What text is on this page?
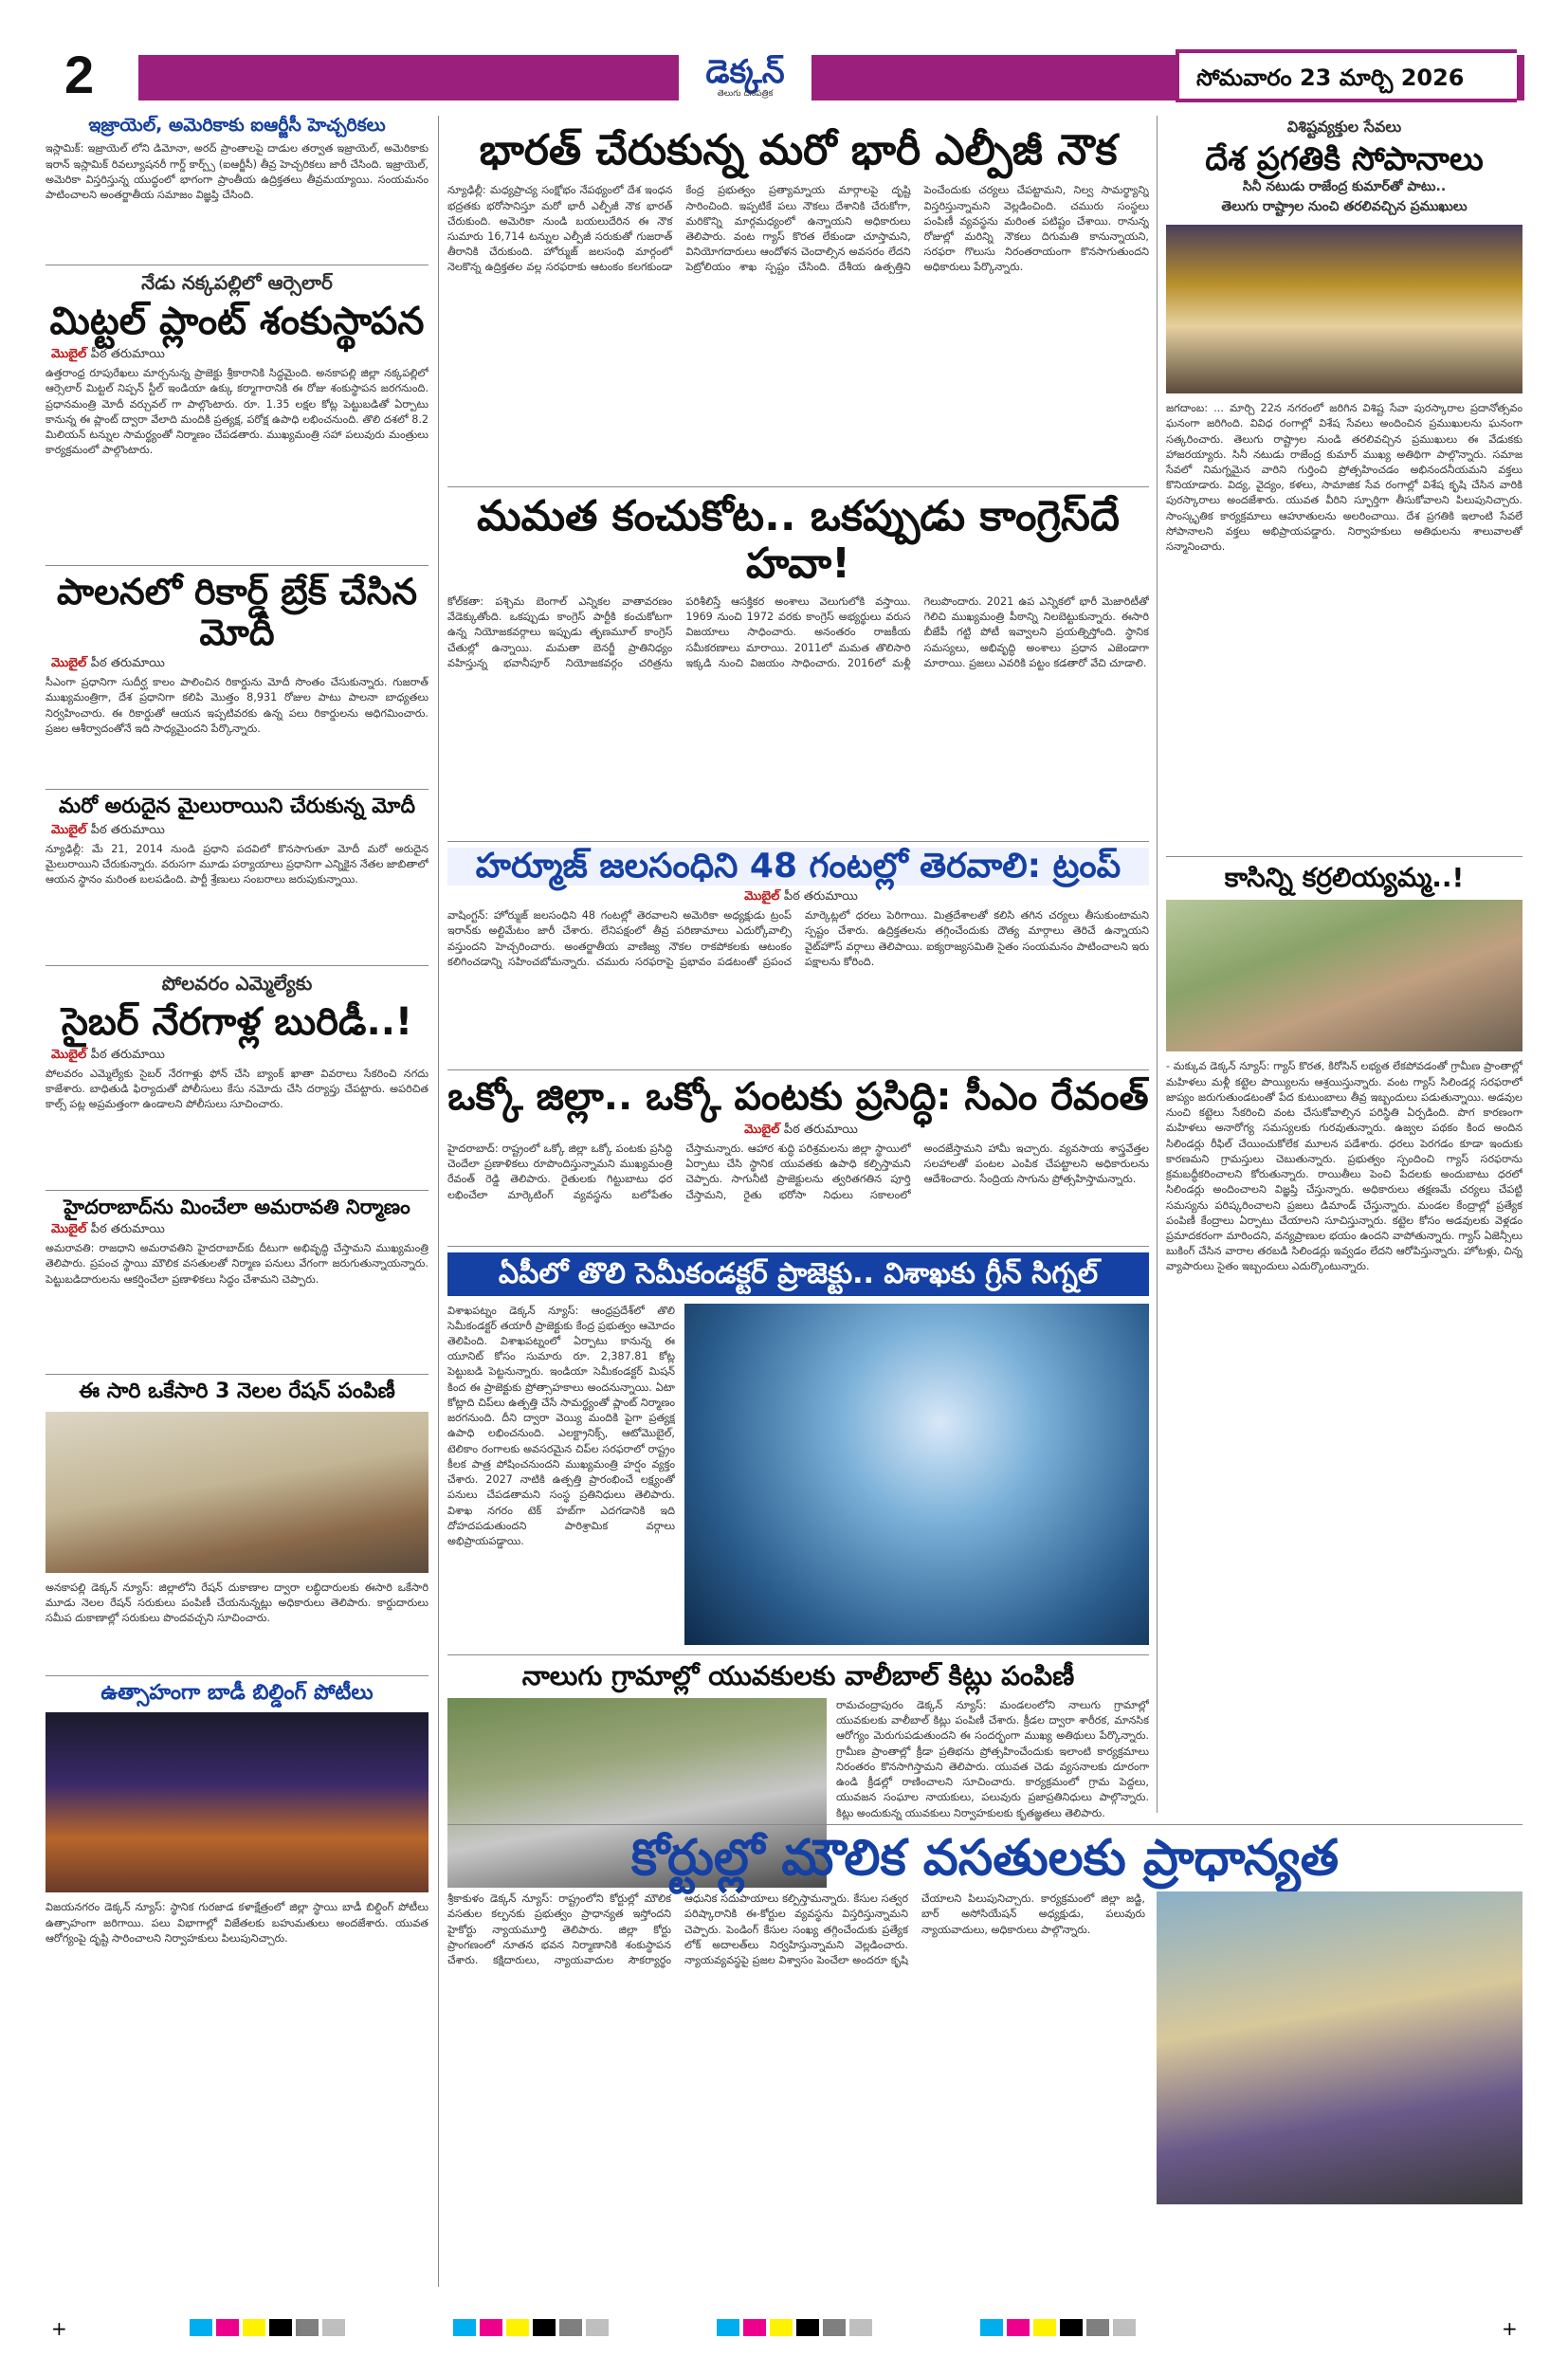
2	డెక్కన్
తెలుగు దినపత్రిక
సోమవారం 23 మార్చి 2026
ఇజ్రాయెల్, అమెరికాకు ఐఆర్జీసీ హెచ్చరికలు
ఇస్లామిక్: ఇజ్రాయెల్ లోని డిమోనా, అరద్ ప్రాంతాలపై దాడుల తర్వాత ఇజ్రాయెల్, అమెరికాకు ఇరాన్ ఇస్లామిక్ రివల్యూషనరీ గార్డ్ కార్ప్స్ (ఐఆర్జీసీ) తీవ్ర హెచ్చరికలు జారీ చేసింది. ఇజ్రాయెల్, అమెరికా విస్తరిస్తున్న యుద్ధంలో భాగంగా ప్రాంతీయ ఉద్రిక్తతలు తీవ్రమయ్యాయి. సంయమనం పాటించాలని అంతర్జాతీయ సమాజం విజ్ఞప్తి చేసింది.
నేడు నక్కపల్లిలో ఆర్సెలార్
మిట్టల్ ప్లాంట్ శంకుస్థాపన
మొబైల్ పీఠ తరుమాయి
ఉత్తరాంధ్ర రూపురేఖలు మార్చనున్న ప్రాజెక్టు శ్రీకారానికి సిద్ధమైంది. అనకాపల్లి జిల్లా నక్కపల్లిలో ఆర్సెలార్ మిట్టల్ నిప్పన్ స్టీల్ ఇండియా ఉక్కు కర్మాగారానికి ఈ రోజు శంకుస్థాపన జరగనుంది. ప్రధానమంత్రి మోదీ వర్చువల్ గా పాల్గొంటారు. రూ. 1.35 లక్షల కోట్ల పెట్టుబడితో ఏర్పాటు కానున్న ఈ ప్లాంట్ ద్వారా వేలాది మందికి ప్రత్యక్ష, పరోక్ష ఉపాధి లభించనుంది. తొలి దశలో 8.2 మిలియన్ టన్నుల సామర్థ్యంతో నిర్మాణం చేపడతారు. ముఖ్యమంత్రి సహా పలువురు మంత్రులు కార్యక్రమంలో పాల్గొంటారు.
పాలనలో రికార్డ్ బ్రేక్ చేసిన మోదీ
మొబైల్ పీఠ తరుమాయి
సీఎంగా ప్రధానిగా సుదీర్ఘ కాలం పాలించిన రికార్డును మోదీ సొంతం చేసుకున్నారు. గుజరాత్ ముఖ్యమంత్రిగా, దేశ ప్రధానిగా కలిపి మొత్తం 8,931 రోజుల పాటు పాలనా బాధ్యతలు నిర్వహించారు. ఈ రికార్డుతో ఆయన ఇప్పటివరకు ఉన్న పలు రికార్డులను అధిగమించారు. ప్రజల ఆశీర్వాదంతోనే ఇది సాధ్యమైందని పేర్కొన్నారు.
మరో అరుదైన మైలురాయిని చేరుకున్న మోదీ
మొబైల్ పీఠ తరుమాయి
న్యూఢిల్లీ: మే 21, 2014 నుండి ప్రధాని పదవిలో కొనసాగుతూ మోదీ మరో అరుదైన మైలురాయిని చేరుకున్నారు. వరుసగా మూడు పర్యాయాలు ప్రధానిగా ఎన్నికైన నేతల జాబితాలో ఆయన స్థానం మరింత బలపడింది. పార్టీ శ్రేణులు సంబరాలు జరుపుకున్నాయి.
పోలవరం ఎమ్మెల్యేకు
సైబర్ నేరగాళ్ల బురిడీ..!
మొబైల్ పీఠ తరుమాయి
పోలవరం ఎమ్మెల్యేకు సైబర్ నేరగాళ్లు ఫోన్ చేసి బ్యాంక్ ఖాతా వివరాలు సేకరించి నగదు కాజేశారు. బాధితుడి ఫిర్యాదుతో పోలీసులు కేసు నమోదు చేసి దర్యాప్తు చేపట్టారు. అపరిచిత కాల్స్ పట్ల అప్రమత్తంగా ఉండాలని పోలీసులు సూచించారు.
హైదరాబాద్‌ను మించేలా అమరావతి నిర్మాణం
మొబైల్ పీఠ తరుమాయి
అమరావతి: రాజధాని అమరావతిని హైదరాబాద్‌కు దీటుగా అభివృద్ధి చేస్తామని ముఖ్యమంత్రి తెలిపారు. ప్రపంచ స్థాయి మౌలిక వసతులతో నిర్మాణ పనులు వేగంగా జరుగుతున్నాయన్నారు. పెట్టుబడిదారులను ఆకర్షించేలా ప్రణాళికలు సిద్ధం చేశామని చెప్పారు.
ఈ సారి ఒకేసారి 3 నెలల రేషన్ పంపిణీ
అనకాపల్లి డెక్కన్ న్యూస్: జిల్లాలోని రేషన్ దుకాణాల ద్వారా లబ్ధిదారులకు ఈసారి ఒకేసారి మూడు నెలల రేషన్ సరుకులు పంపిణీ చేయనున్నట్లు అధికారులు తెలిపారు. కార్డుదారులు సమీప దుకాణాల్లో సరుకులు పొందవచ్చని సూచించారు.
ఉత్సాహంగా బాడీ బిల్డింగ్ పోటీలు
విజయనగరం డెక్కన్ న్యూస్: స్థానిక గురజాడ కళాక్షేత్రంలో జిల్లా స్థాయి బాడీ బిల్డింగ్ పోటీలు ఉత్సాహంగా జరిగాయి. పలు విభాగాల్లో విజేతలకు బహుమతులు అందజేశారు. యువత ఆరోగ్యంపై దృష్టి సారించాలని నిర్వాహకులు పిలుపునిచ్చారు.
భారత్ చేరుకున్న మరో భారీ ఎల్పీజీ నౌక
న్యూఢిల్లీ: మధ్యప్రాచ్య సంక్షోభం నేపథ్యంలో దేశ ఇంధన భద్రతకు భరోసానిస్తూ మరో భారీ ఎల్పీజీ నౌక భారత్ చేరుకుంది. అమెరికా నుండి బయలుదేరిన ఈ నౌక సుమారు 16,714 టన్నుల ఎల్పీజీ సరుకుతో గుజరాత్ తీరానికి చేరుకుంది. హోర్ముజ్ జలసంధి మార్గంలో నెలకొన్న ఉద్రిక్తతల వల్ల సరఫరాకు ఆటంకం కలగకుండా కేంద్ర ప్రభుత్వం ప్రత్యామ్నాయ మార్గాలపై దృష్టి సారించింది. ఇప్పటికే పలు నౌకలు దేశానికి చేరుకోగా, మరికొన్ని మార్గమధ్యంలో ఉన్నాయని అధికారులు తెలిపారు. వంట గ్యాస్ కొరత లేకుండా చూస్తామని, వినియోగదారులు ఆందోళన చెందాల్సిన అవసరం లేదని పెట్రోలియం శాఖ స్పష్టం చేసింది. దేశీయ ఉత్పత్తిని పెంచేందుకు చర్యలు చేపట్టామని, నిల్వ సామర్థ్యాన్ని విస్తరిస్తున్నామని వెల్లడించింది. చమురు సంస్థలు పంపిణీ వ్యవస్థను మరింత పటిష్టం చేశాయి. రానున్న రోజుల్లో మరిన్ని నౌకలు దిగుమతి కానున్నాయని, సరఫరా గొలుసు నిరంతరాయంగా కొనసాగుతుందని అధికారులు పేర్కొన్నారు.
మమత కంచుకోట.. ఒకప్పుడు కాంగ్రెస్‌దే హవా!
కోల్‌కతా: పశ్చిమ బెంగాల్ ఎన్నికల వాతావరణం వేడెక్కుతోంది. ఒకప్పుడు కాంగ్రెస్ పార్టీకి కంచుకోటగా ఉన్న నియోజకవర్గాలు ఇప్పుడు తృణమూల్ కాంగ్రెస్ చేతుల్లో ఉన్నాయి. మమతా బెనర్జీ ప్రాతినిధ్యం వహిస్తున్న భవానీపూర్ నియోజకవర్గం చరిత్రను పరిశీలిస్తే ఆసక్తికర అంశాలు వెలుగులోకి వస్తాయి. 1969 నుంచి 1972 వరకు కాంగ్రెస్ అభ్యర్థులు వరుస విజయాలు సాధించారు. అనంతరం రాజకీయ సమీకరణాలు మారాయి. 2011లో మమత తొలిసారి ఇక్కడి నుంచి విజయం సాధించారు. 2016లో మళ్లీ గెలుపొందారు. 2021 ఉప ఎన్నికలో భారీ మెజారిటీతో గెలిచి ముఖ్యమంత్రి పీఠాన్ని నిలబెట్టుకున్నారు. ఈసారి బీజేపీ గట్టి పోటీ ఇవ్వాలని ప్రయత్నిస్తోంది. స్థానిక సమస్యలు, అభివృద్ధి అంశాలు ప్రధాన ఎజెండాగా మారాయి. ప్రజలు ఎవరికి పట్టం కడతారో వేచి చూడాలి.
హర్మూజ్ జలసంధిని 48 గంటల్లో తెరవాలి: ట్రంప్
మొబైల్ పీఠ తరుమాయి
వాషింగ్టన్: హోర్ముజ్ జలసంధిని 48 గంటల్లో తెరవాలని అమెరికా అధ్యక్షుడు ట్రంప్ ఇరాన్‌కు అల్టిమేటం జారీ చేశారు. లేనిపక్షంలో తీవ్ర పరిణామాలు ఎదుర్కోవాల్సి వస్తుందని హెచ్చరించారు. అంతర్జాతీయ వాణిజ్య నౌకల రాకపోకలకు ఆటంకం కలిగించడాన్ని సహించబోమన్నారు. చమురు సరఫరాపై ప్రభావం పడటంతో ప్రపంచ మార్కెట్లలో ధరలు పెరిగాయి. మిత్రదేశాలతో కలిసి తగిన చర్యలు తీసుకుంటామని స్పష్టం చేశారు. ఉద్రిక్తతలను తగ్గించేందుకు దౌత్య మార్గాలు తెరిచే ఉన్నాయని వైట్‌హౌస్ వర్గాలు తెలిపాయి. ఐక్యరాజ్యసమితి సైతం సంయమనం పాటించాలని ఇరు పక్షాలను కోరింది.
ఒక్కో జిల్లా.. ఒక్కో పంటకు ప్రసిద్ధి: సీఎం రేవంత్
మొబైల్ పీఠ తరుమాయి
హైదరాబాద్: రాష్ట్రంలో ఒక్కో జిల్లా ఒక్కో పంటకు ప్రసిద్ధి చెందేలా ప్రణాళికలు రూపొందిస్తున్నామని ముఖ్యమంత్రి రేవంత్ రెడ్డి తెలిపారు. రైతులకు గిట్టుబాటు ధర లభించేలా మార్కెటింగ్ వ్యవస్థను బలోపేతం చేస్తామన్నారు. ఆహార శుద్ధి పరిశ్రమలను జిల్లా స్థాయిలో ఏర్పాటు చేసి స్థానిక యువతకు ఉపాధి కల్పిస్తామని చెప్పారు. సాగునీటి ప్రాజెక్టులను త్వరితగతిన పూర్తి చేస్తామని, రైతు భరోసా నిధులు సకాలంలో అందజేస్తామని హామీ ఇచ్చారు. వ్యవసాయ శాస్త్రవేత్తల సలహాలతో పంటల ఎంపిక చేపట్టాలని అధికారులను ఆదేశించారు. సేంద్రియ సాగును ప్రోత్సహిస్తామన్నారు.
ఏపీలో తొలి సెమీకండక్టర్ ప్రాజెక్టు.. విశాఖకు గ్రీన్ సిగ్నల్
విశాఖపట్నం డెక్కన్ న్యూస్: ఆంధ్రప్రదేశ్‌లో తొలి సెమీకండక్టర్ తయారీ ప్రాజెక్టుకు కేంద్ర ప్రభుత్వం ఆమోదం తెలిపింది. విశాఖపట్నంలో ఏర్పాటు కానున్న ఈ యూనిట్ కోసం సుమారు రూ. 2,387.81 కోట్ల పెట్టుబడి పెట్టనున్నారు. ఇండియా సెమీకండక్టర్ మిషన్ కింద ఈ ప్రాజెక్టుకు ప్రోత్సాహకాలు అందనున్నాయి. ఏటా కోట్లాది చిప్‌లు ఉత్పత్తి చేసే సామర్థ్యంతో ప్లాంట్ నిర్మాణం జరగనుంది. దీని ద్వారా వెయ్యి మందికి పైగా ప్రత్యక్ష ఉపాధి లభించనుంది. ఎలక్ట్రానిక్స్, ఆటోమొబైల్, టెలికాం రంగాలకు అవసరమైన చిప్‌ల సరఫరాలో రాష్ట్రం కీలక పాత్ర పోషించనుందని ముఖ్యమంత్రి హర్షం వ్యక్తం చేశారు. 2027 నాటికి ఉత్పత్తి ప్రారంభించే లక్ష్యంతో పనులు చేపడతామని సంస్థ ప్రతినిధులు తెలిపారు. విశాఖ నగరం టెక్ హబ్‌గా ఎదగడానికి ఇది దోహదపడుతుందని పారిశ్రామిక వర్గాలు అభిప్రాయపడ్డాయి.
నాలుగు గ్రామాల్లో యువకులకు వాలీబాల్ కిట్లు పంపిణీ
రామచంద్రాపురం డెక్కన్ న్యూస్: మండలంలోని నాలుగు గ్రామాల్లో యువకులకు వాలీబాల్ కిట్లు పంపిణీ చేశారు. క్రీడల ద్వారా శారీరక, మానసిక ఆరోగ్యం మెరుగుపడుతుందని ఈ సందర్భంగా ముఖ్య అతిథులు పేర్కొన్నారు. గ్రామీణ ప్రాంతాల్లో క్రీడా ప్రతిభను ప్రోత్సహించేందుకు ఇలాంటి కార్యక్రమాలు నిరంతరం కొనసాగిస్తామని తెలిపారు. యువత చెడు వ్యసనాలకు దూరంగా ఉండి క్రీడల్లో రాణించాలని సూచించారు. కార్యక్రమంలో గ్రామ పెద్దలు, యువజన సంఘాల నాయకులు, పలువురు ప్రజాప్రతినిధులు పాల్గొన్నారు. కిట్లు అందుకున్న యువకులు నిర్వాహకులకు కృతజ్ఞతలు తెలిపారు.
విశిష్టవ్యక్తుల సేవలు
దేశ ప్రగతికి సోపానాలు
సినీ నటుడు రాజేంద్ర కుమార్‌తో పాటు..
తెలుగు రాష్ట్రాల నుంచి తరలివచ్చిన ప్రముఖులు
జగదాంబ: ... మార్చి 22న నగరంలో జరిగిన విశిష్ట సేవా పురస్కారాల ప్రదానోత్సవం ఘనంగా జరిగింది. వివిధ రంగాల్లో విశేష సేవలు అందించిన ప్రముఖులను ఘనంగా సత్కరించారు. తెలుగు రాష్ట్రాల నుండి తరలివచ్చిన ప్రముఖులు ఈ వేడుకకు హాజరయ్యారు. సినీ నటుడు రాజేంద్ర కుమార్ ముఖ్య అతిథిగా పాల్గొన్నారు. సమాజ సేవలో నిమగ్నమైన వారిని గుర్తించి ప్రోత్సహించడం అభినందనీయమని వక్తలు కొనియాడారు. విద్య, వైద్యం, కళలు, సామాజిక సేవ రంగాల్లో విశేష కృషి చేసిన వారికి పురస్కారాలు అందజేశారు. యువత వీరిని స్ఫూర్తిగా తీసుకోవాలని పిలుపునిచ్చారు. సాంస్కృతిక కార్యక్రమాలు ఆహూతులను అలరించాయి. దేశ ప్రగతికి ఇలాంటి సేవలే సోపానాలని వక్తలు అభిప్రాయపడ్డారు. నిర్వాహకులు అతిథులను శాలువాలతో సన్మానించారు.
కాసిన్ని కర్రలియ్యమ్మ..!
- మక్కువ డెక్కన్ న్యూస్: గ్యాస్ కొరత, కిరోసిన్ లభ్యత లేకపోవడంతో గ్రామీణ ప్రాంతాల్లో మహిళలు మళ్లీ కట్టెల పొయ్యిలను ఆశ్రయిస్తున్నారు. వంట గ్యాస్ సిలిండర్ల సరఫరాలో జాప్యం జరుగుతుండటంతో పేద కుటుంబాలు తీవ్ర ఇబ్బందులు పడుతున్నాయి. అడవుల నుంచి కట్టెలు సేకరించి వంట చేసుకోవాల్సిన పరిస్థితి ఏర్పడింది. పొగ కారణంగా మహిళలు అనారోగ్య సమస్యలకు గురవుతున్నారు. ఉజ్వల పథకం కింద అందిన సిలిండర్లు రీఫిల్ చేయించుకోలేక మూలన పడేశారు. ధరలు పెరగడం కూడా ఇందుకు కారణమని గ్రామస్తులు చెబుతున్నారు. ప్రభుత్వం స్పందించి గ్యాస్ సరఫరాను క్రమబద్ధీకరించాలని కోరుతున్నారు. రాయితీలు పెంచి పేదలకు అందుబాటు ధరలో సిలిండర్లు అందించాలని విజ్ఞప్తి చేస్తున్నారు. అధికారులు తక్షణమే చర్యలు చేపట్టి సమస్యను పరిష్కరించాలని ప్రజలు డిమాండ్ చేస్తున్నారు. మండల కేంద్రాల్లో ప్రత్యేక పంపిణీ కేంద్రాలు ఏర్పాటు చేయాలని సూచిస్తున్నారు. కట్టెల కోసం అడవులకు వెళ్లడం ప్రమాదకరంగా మారిందని, వన్యప్రాణుల భయం ఉందని వాపోతున్నారు. గ్యాస్ ఏజెన్సీలు బుకింగ్ చేసిన వారాల తరబడి సిలిండర్లు ఇవ్వడం లేదని ఆరోపిస్తున్నారు. హోటళ్లు, చిన్న వ్యాపారులు సైతం ఇబ్బందులు ఎదుర్కొంటున్నారు.
కోర్టుల్లో మౌలిక వసతులకు ప్రాధాన్యత
శ్రీకాకుళం డెక్కన్ న్యూస్: రాష్ట్రంలోని కోర్టుల్లో మౌలిక వసతుల కల్పనకు ప్రభుత్వం ప్రాధాన్యత ఇస్తోందని హైకోర్టు న్యాయమూర్తి తెలిపారు. జిల్లా కోర్టు ప్రాంగణంలో నూతన భవన నిర్మాణానికి శంకుస్థాపన చేశారు. కక్షిదారులు, న్యాయవాదుల సౌకర్యార్థం ఆధునిక సదుపాయాలు కల్పిస్తామన్నారు. కేసుల సత్వర పరిష్కారానికి ఈ-కోర్టుల వ్యవస్థను విస్తరిస్తున్నామని చెప్పారు. పెండింగ్ కేసుల సంఖ్య తగ్గించేందుకు ప్రత్యేక లోక్ అదాలత్‌లు నిర్వహిస్తున్నామని వెల్లడించారు. న్యాయవ్యవస్థపై ప్రజల విశ్వాసం పెంచేలా అందరూ కృషి చేయాలని పిలుపునిచ్చారు. కార్యక్రమంలో జిల్లా జడ్జి, బార్ అసోసియేషన్ అధ్యక్షుడు, పలువురు న్యాయవాదులు, అధికారులు పాల్గొన్నారు.
+	+
